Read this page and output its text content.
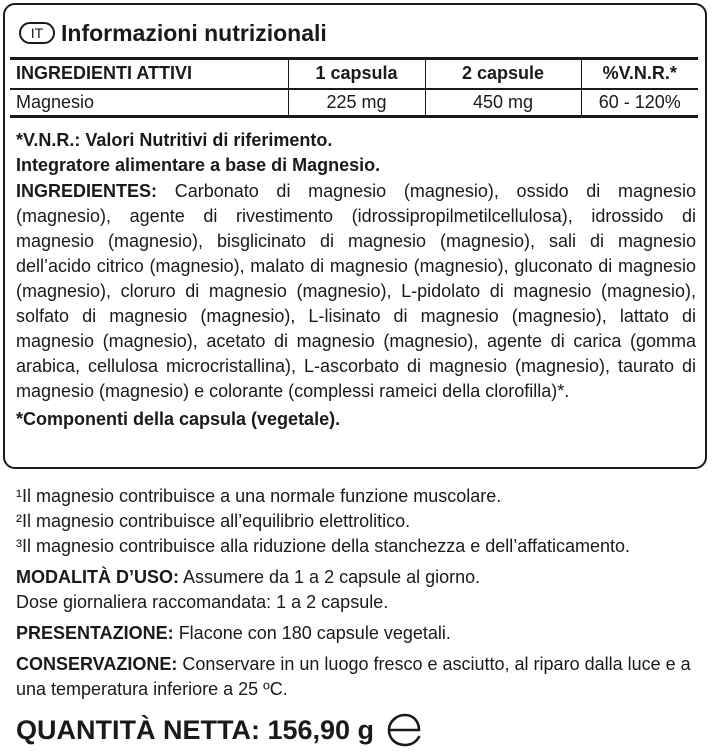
IT Informazioni nutrizionali
INGREDIENTI ATTIVI	1 capsula	2 capsule	%V.N.R.*
Magnesio	225 mg	450 mg	60 - 120%
*V.N.R.: Valori Nutritivi di riferimento.
Integratore alimentare a base di Magnesio.
INGREDIENTES: Carbonato di magnesio (magnesio), ossido di magnesio (magnesio), agente di rivestimento (idrossipropilmetilcellulosa), idrossido di magnesio (magnesio), bisglicinato di magnesio (magnesio), sali di magnesio dell’acido citrico (magnesio), malato di magnesio (magnesio), gluconato di magnesio (magnesio), cloruro di magnesio (magnesio), L-pidolato di magnesio (magnesio), solfato di magnesio (magnesio), L-lisinato di magnesio (magnesio), lattato di magnesio (magnesio), acetato di magnesio (magnesio), agente di carica (gomma arabica, cellulosa microcristallina), L-ascorbato di magnesio (magnesio), taurato di magnesio (magnesio) e colorante (complessi rameici della clorofilla)*.
*Componenti della capsula (vegetale).

¹Il magnesio contribuisce a una normale funzione muscolare.

²Il magnesio contribuisce all’equilibrio elettrolitico.

³Il magnesio contribuisce alla riduzione della stanchezza e dell’affaticamento.

MODALITÀ D’USO: Assumere da 1 a 2 capsule al giorno.

Dose giornaliera raccomandata: 1 a 2 capsule.

PRESENTAZIONE: Flacone con 180 capsule vegetali.

CONSERVAZIONE: Conservare in un luogo fresco e asciutto, al riparo dalla luce e a una temperatura inferiore a 25 ºC.

QUANTITÀ NETTA: 156,90 g
